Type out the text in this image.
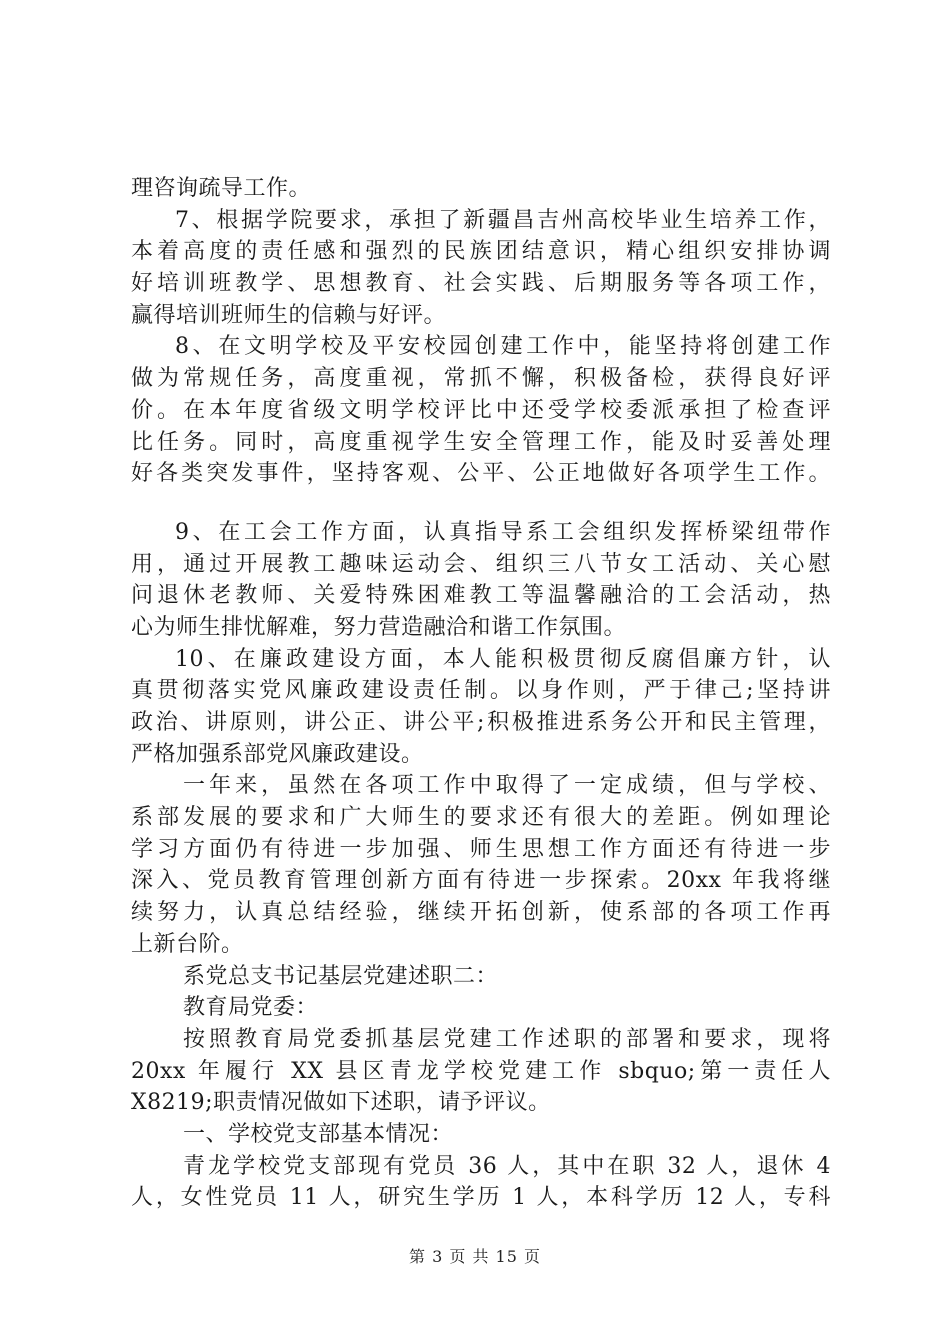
理咨询疏导工作。
7、根据学院要求，承担了新疆昌吉州高校毕业生培养工作，
本着高度的责任感和强烈的民族团结意识，精心组织安排协调
好培训班教学、思想教育、社会实践、后期服务等各项工作，
赢得培训班师生的信赖与好评。
8、在文明学校及平安校园创建工作中，能坚持将创建工作
做为常规任务，高度重视，常抓不懈，积极备检，获得良好评
价。在本年度省级文明学校评比中还受学校委派承担了检查评
比任务。同时，高度重视学生安全管理工作，能及时妥善处理
好各类突发事件，坚持客观、公平、公正地做好各项学生工作。
9、在工会工作方面，认真指导系工会组织发挥桥梁纽带作
用，通过开展教工趣味运动会、组织三八节女工活动、关心慰
问退休老教师、关爱特殊困难教工等温馨融洽的工会活动，热
心为师生排忧解难，努力营造融洽和谐工作氛围。
10、在廉政建设方面，本人能积极贯彻反腐倡廉方针，认
真贯彻落实党风廉政建设责任制。以身作则，严于律己;坚持讲
政治、讲原则，讲公正、讲公平;积极推进系务公开和民主管理，
严格加强系部党风廉政建设。
一年来，虽然在各项工作中取得了一定成绩，但与学校、
系部发展的要求和广大师生的要求还有很大的差距。例如理论
学习方面仍有待进一步加强、师生思想工作方面还有待进一步
深入、党员教育管理创新方面有待进一步探索。20xx 年我将继
续努力，认真总结经验，继续开拓创新，使系部的各项工作再
上新台阶。
系党总支书记基层党建述职二：
教育局党委：
按照教育局党委抓基层党建工作述职的部署和要求，现将
20xx 年履行 XX 县区青龙学校党建工作 sbquo;第一责任人
X8219;职责情况做如下述职，请予评议。
一、学校党支部基本情况：
青龙学校党支部现有党员 36 人，其中在职 32 人，退休 4
人，女性党员 11 人，研究生学历 1 人，本科学历 12 人，专科
第 3 页 共 15 页
